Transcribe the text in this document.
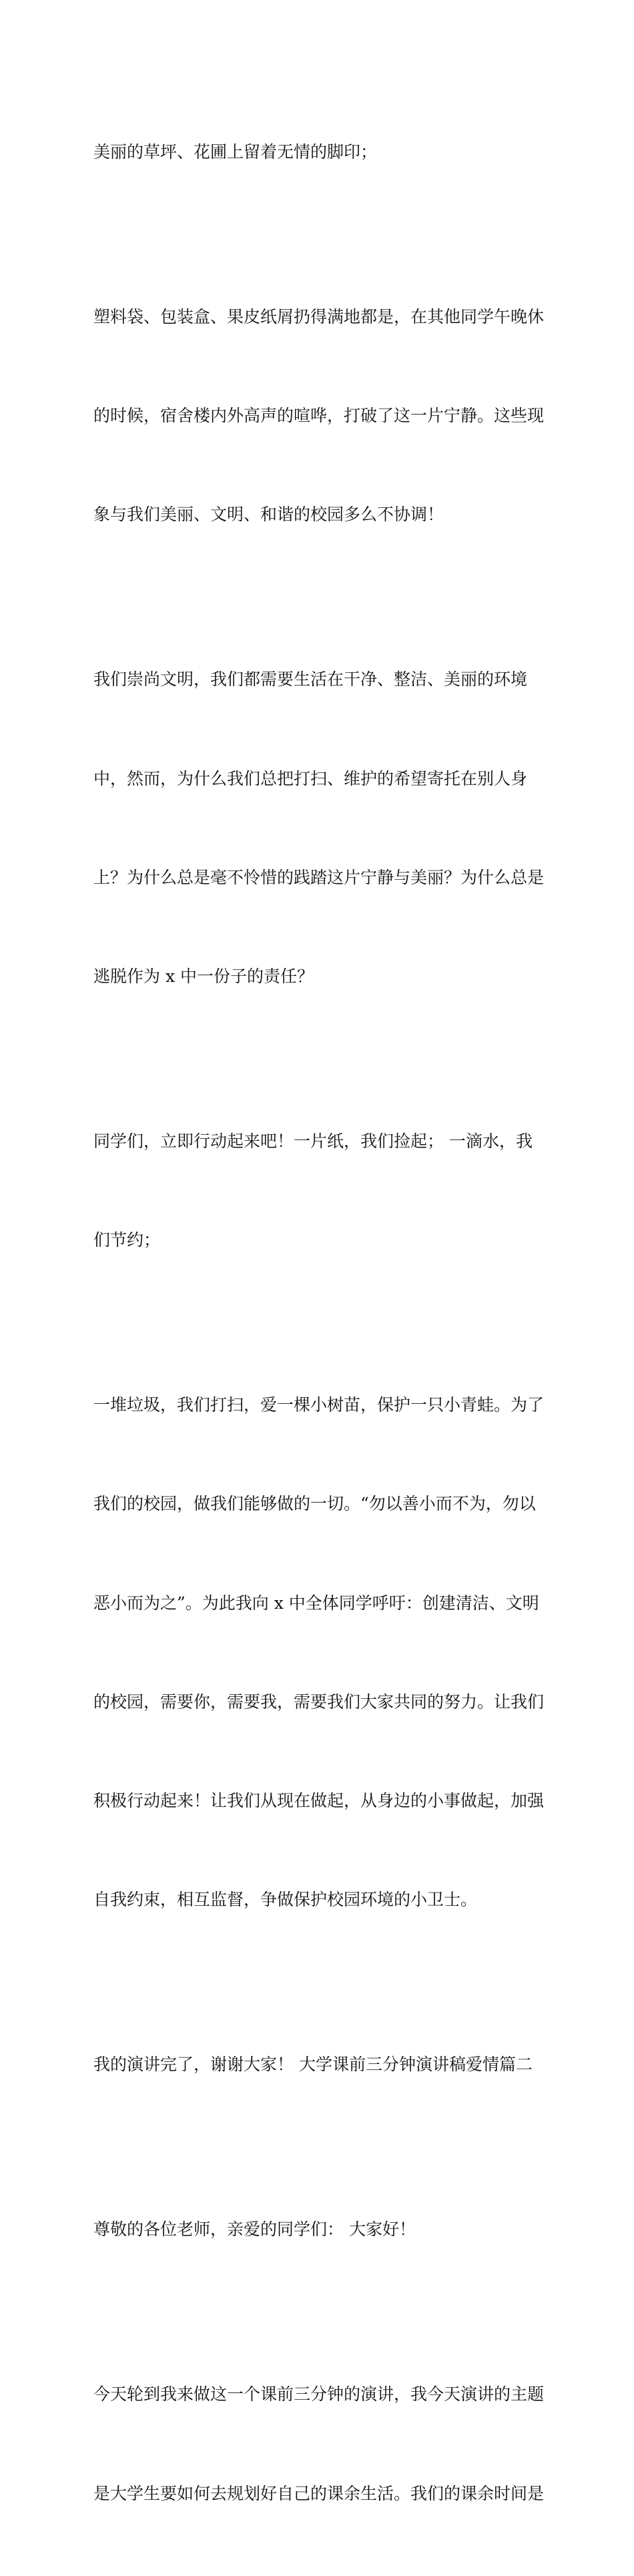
美丽的草坪、花圃上留着无情的脚印；

塑料袋、包装盒、果皮纸屑扔得满地都是，在其他同学午晚休

的时候，宿舍楼内外高声的喧哗，打破了这一片宁静。这些现

象与我们美丽、文明、和谐的校园多么不协调！

我们崇尚文明，我们都需要生活在干净、整洁、美丽的环境

中，然而，为什么我们总把打扫、维护的希望寄托在别人身

上？为什么总是毫不怜惜的践踏这片宁静与美丽？为什么总是

逃脱作为 x 中一份子的责任？

同学们，立即行动起来吧！一片纸，我们捡起； 一滴水，我

们节约；

一堆垃圾，我们打扫，爱一棵小树苗，保护一只小青蛙。为了

我们的校园，做我们能够做的一切。“勿以善小而不为，勿以

恶小而为之”。为此我向 x 中全体同学呼吁：创建清洁、文明

的校园，需要你，需要我，需要我们大家共同的努力。让我们

积极行动起来！让我们从现在做起，从身边的小事做起，加强

自我约束，相互监督，争做保护校园环境的小卫士。

我的演讲完了，谢谢大家！ 大学课前三分钟演讲稿爱情篇二

尊敬的各位老师，亲爱的同学们： 大家好！

今天轮到我来做这一个课前三分钟的演讲，我今天演讲的主题

是大学生要如何去规划好自己的课余生活。我们的课余时间是
